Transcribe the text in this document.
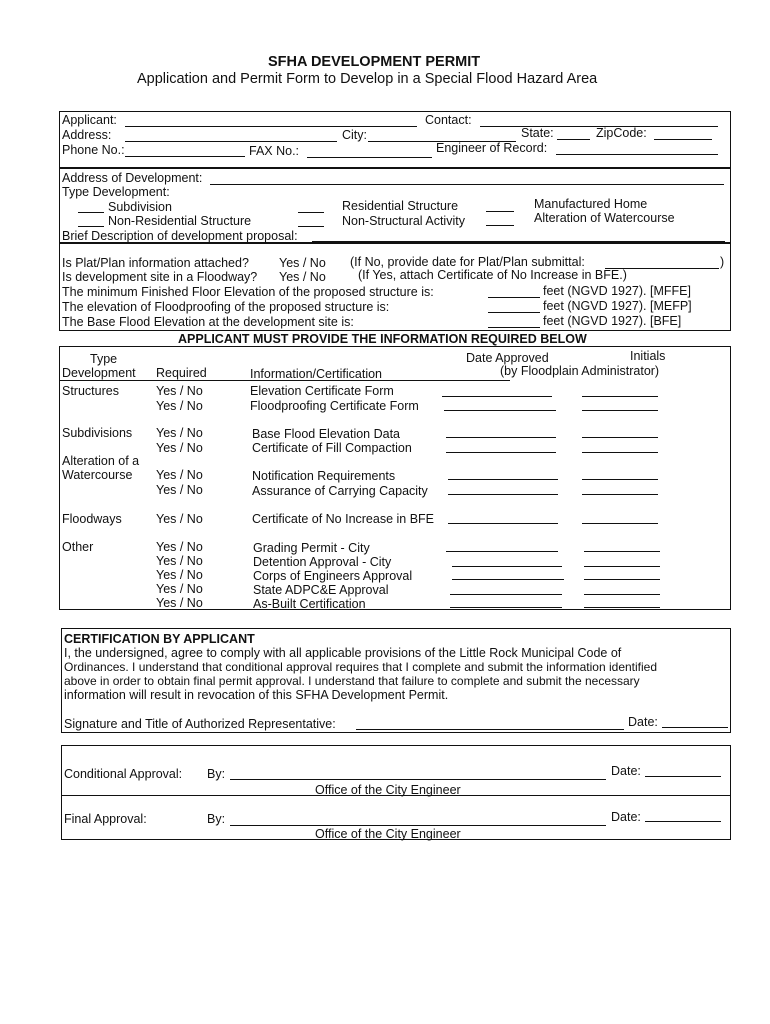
SFHA DEVELOPMENT PERMIT
Application and Permit Form to Develop in a Special Flood Hazard Area
Applicant:	Contact:
Address:	City:	State:	ZipCode:
Phone No.:	FAX No.:	Engineer of Record:
Address of Development:
Type Development:
Subdivision
Non-Residential Structure
Residential Structure
Non-Structural Activity
Manufactured Home
Alteration of Watercourse
Brief Description of development proposal:
Is Plat/Plan information attached? Yes / No (If No, provide date for Plat/Plan submittal:	)
Is development site in a Floodway? Yes / No	(If Yes, attach Certificate of No Increase in BFE.)
The minimum Finished Floor Elevation of the proposed structure is:	feet (NGVD 1927). [MFFE]
The elevation of Floodproofing of the proposed structure is:	feet (NGVD 1927). [MEFP]
The Base Flood Elevation at the development site is:	feet (NGVD 1927). [BFE]
APPLICANT MUST PROVIDE THE INFORMATION REQUIRED BELOW
Type
Development Required	Information/Certification
Date Approved	Initials
(by Floodplain Administrator)
Structures	Yes / No	Elevation Certificate Form
Yes / No	Floodproofing Certificate Form
Subdivisions Yes / No	Base Flood Elevation Data
Yes / No	Certificate of Fill Compaction
Alteration of a
Watercourse Yes / No	Notification Requirements
Yes / No	Assurance of Carrying Capacity
Floodways	Yes / No	Certificate of No Increase in BFE
Other	Yes / No	Grading Permit - City
Yes / No	Detention Approval - City
Yes / No	Corps of Engineers Approval
Yes / No	State ADPC&E Approval
Yes / No	As-Built Certification
CERTIFICATION BY APPLICANT
I, the undersigned, agree to comply with all applicable provisions of the Little Rock Municipal Code of
Ordinances. I understand that conditional approval requires that I complete and submit the information identified
above in order to obtain final permit approval. I understand that failure to complete and submit the necessary
information will result in revocation of this SFHA Development Permit.
Signature and Title of Authorized Representative:	Date:
Conditional Approval: By:	Date:
Office of the City Engineer
Final Approval:	By:	Date:
Office of the City Engineer
